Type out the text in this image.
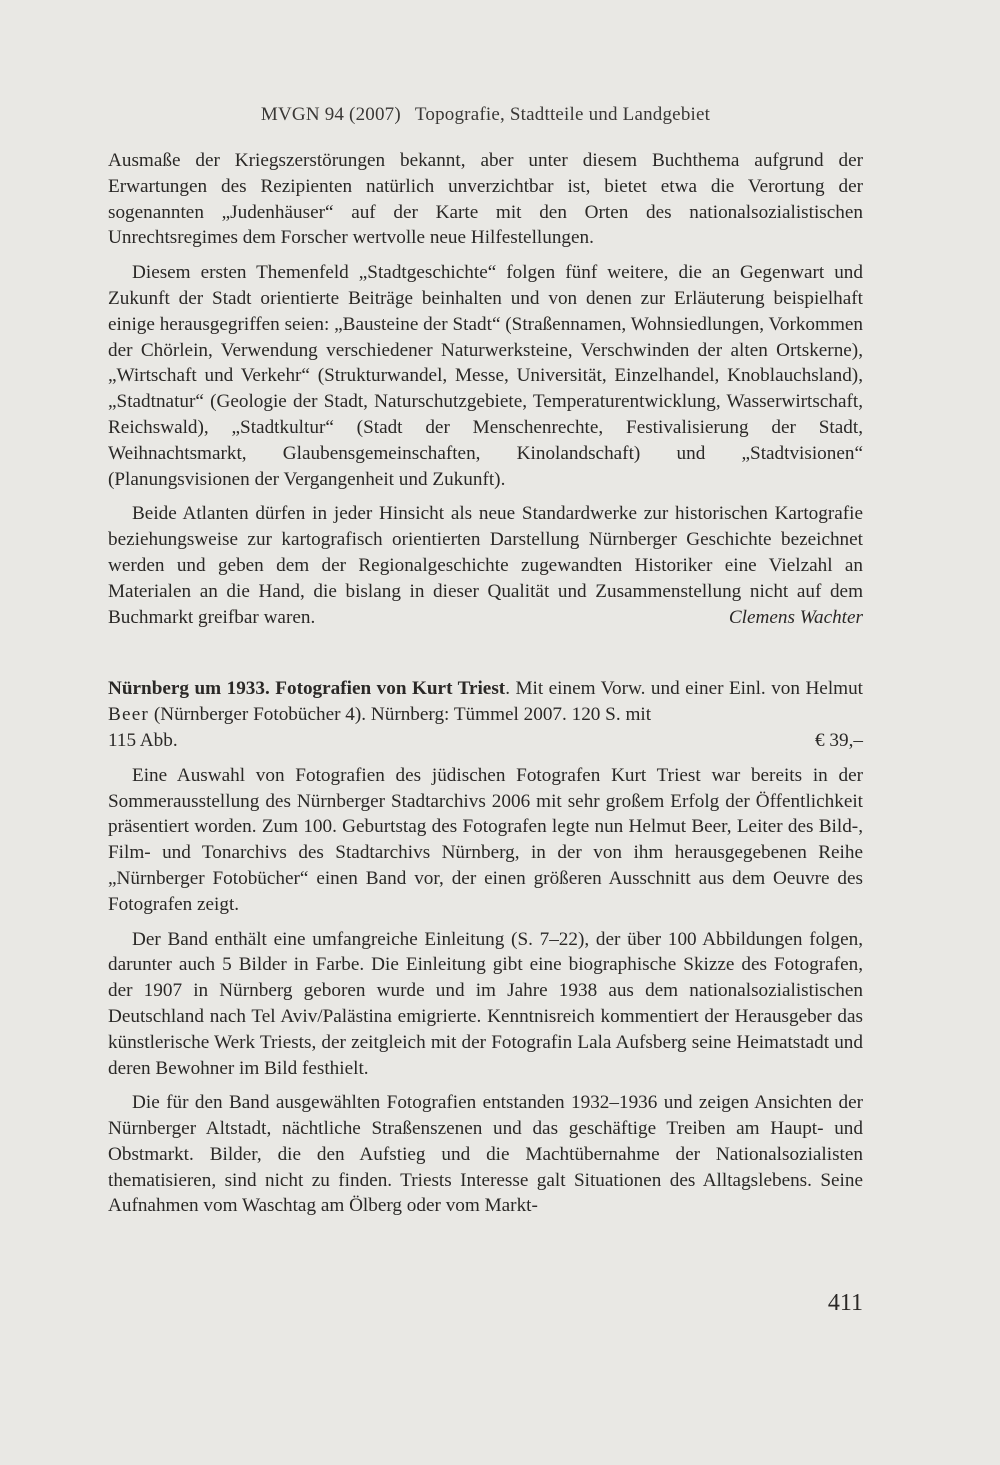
MVGN 94 (2007) Topografie, Stadtteile und Landgebiet

Ausmaße der Kriegszerstörungen bekannt, aber unter diesem Buchthema aufgrund der Erwartungen des Rezipienten natürlich unverzichtbar ist, bietet etwa die Verortung der sogenannten „Judenhäuser“ auf der Karte mit den Orten des nationalsozialistischen Unrechtsregimes dem Forscher wertvolle neue Hilfestellungen.

Diesem ersten Themenfeld „Stadtgeschichte“ folgen fünf weitere, die an Gegenwart und Zukunft der Stadt orientierte Beiträge beinhalten und von denen zur Erläuterung beispielhaft einige herausgegriffen seien: „Bausteine der Stadt“ (Straßennamen, Wohnsiedlungen, Vorkommen der Chörlein, Verwendung verschiedener Naturwerksteine, Verschwinden der alten Ortskerne), „Wirtschaft und Verkehr“ (Strukturwandel, Messe, Universität, Einzelhandel, Knoblauchsland), „Stadtnatur“ (Geologie der Stadt, Naturschutzgebiete, Temperaturentwicklung, Wasserwirtschaft, Reichswald), „Stadtkultur“ (Stadt der Menschenrechte, Festivalisierung der Stadt, Weihnachtsmarkt, Glaubensgemeinschaften, Kinolandschaft) und „Stadtvisionen“ (Planungsvisionen der Vergangenheit und Zukunft).

Beide Atlanten dürfen in jeder Hinsicht als neue Standardwerke zur historischen Kartografie beziehungsweise zur kartografisch orientierten Darstellung Nürnberger Geschichte bezeichnet werden und geben dem der Regionalgeschichte zugewandten Historiker eine Vielzahl an Materialen an die Hand, die bislang in dieser Qualität und Zusammenstellung nicht auf dem Buchmarkt greifbar waren.	Clemens Wachter

Nürnberg um 1933. Fotografien von Kurt Triest. Mit einem Vorw. und einer Einl. von Helmut Beer (Nürnberger Fotobücher 4). Nürnberg: Tümmel 2007. 120 S. mit

115 Abb.	€ 39,–

Eine Auswahl von Fotografien des jüdischen Fotografen Kurt Triest war bereits in der Sommerausstellung des Nürnberger Stadtarchivs 2006 mit sehr großem Erfolg der Öffentlichkeit präsentiert worden. Zum 100. Geburtstag des Fotografen legte nun Helmut Beer, Leiter des Bild-, Film- und Tonarchivs des Stadtarchivs Nürnberg, in der von ihm herausgegebenen Reihe „Nürnberger Fotobücher“ einen Band vor, der einen größeren Ausschnitt aus dem Oeuvre des Fotografen zeigt.

Der Band enthält eine umfangreiche Einleitung (S. 7–22), der über 100 Abbildungen folgen, darunter auch 5 Bilder in Farbe. Die Einleitung gibt eine biographische Skizze des Fotografen, der 1907 in Nürnberg geboren wurde und im Jahre 1938 aus dem nationalsozialistischen Deutschland nach Tel Aviv/Palästina emigrierte. Kenntnisreich kommentiert der Herausgeber das künstlerische Werk Triests, der zeitgleich mit der Fotografin Lala Aufsberg seine Heimatstadt und deren Bewohner im Bild festhielt.

Die für den Band ausgewählten Fotografien entstanden 1932–1936 und zeigen Ansichten der Nürnberger Altstadt, nächtliche Straßenszenen und das geschäftige Treiben am Haupt- und Obstmarkt. Bilder, die den Aufstieg und die Machtübernahme der Nationalsozialisten thematisieren, sind nicht zu finden. Triests Interesse galt Situationen des Alltagslebens. Seine Aufnahmen vom Waschtag am Ölberg oder vom Markt-

411
